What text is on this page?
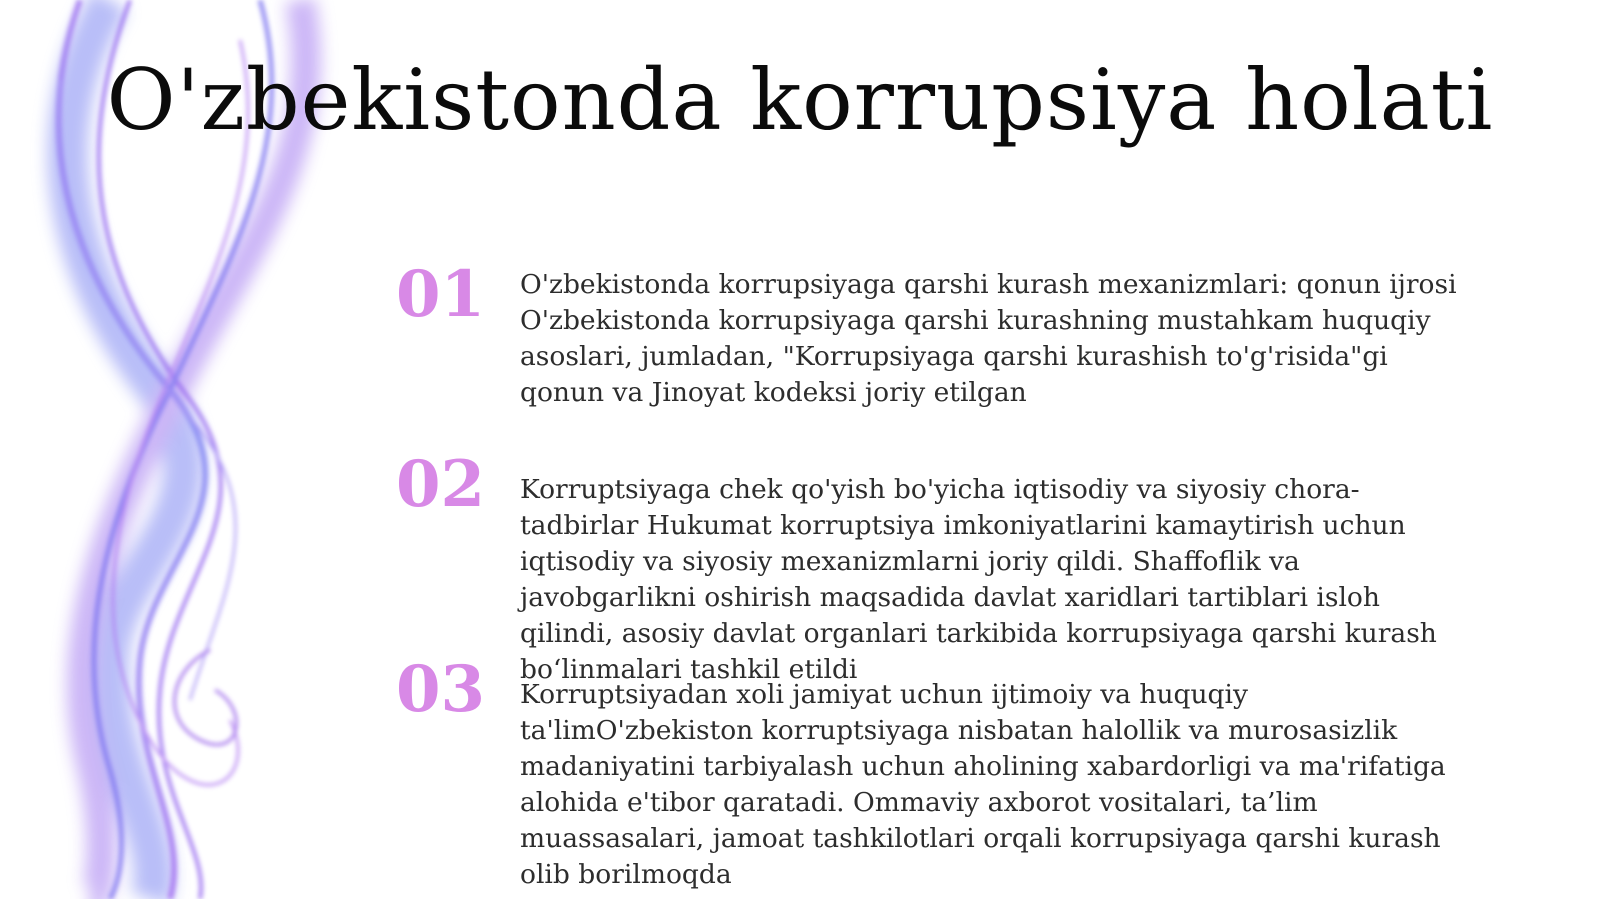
O'zbekistonda korrupsiya holati
01	O'zbekistonda korrupsiyaga qarshi kurash mexanizmlari: qonun ijrosi O'zbekistonda korrupsiyaga qarshi kurashning mustahkam huquqiy asoslari, jumladan, "Korrupsiyaga qarshi kurashish to'g'risida"gi qonun va Jinoyat kodeksi joriy etilgan

02	Korruptsiyaga chek qo'yish bo'yicha iqtisodiy va siyosiy chora-tadbirlar Hukumat korruptsiya imkoniyatlarini kamaytirish uchun iqtisodiy va siyosiy mexanizmlarni joriy qildi. Shaffoflik va javobgarlikni oshirish maqsadida davlat xaridlari tartiblari isloh qilindi, asosiy davlat organlari tarkibida korrupsiyaga qarshi kurash bo‘linmalari tashkil etildi

03	Korruptsiyadan xoli jamiyat uchun ijtimoiy va huquqiy ta'limO'zbekiston korruptsiyaga nisbatan halollik va murosasizlik madaniyatini tarbiyalash uchun aholining xabardorligi va ma'rifatiga alohida e'tibor qaratadi. Ommaviy axborot vositalari, ta’lim muassasalari, jamoat tashkilotlari orqali korrupsiyaga qarshi kurash olib borilmoqda
